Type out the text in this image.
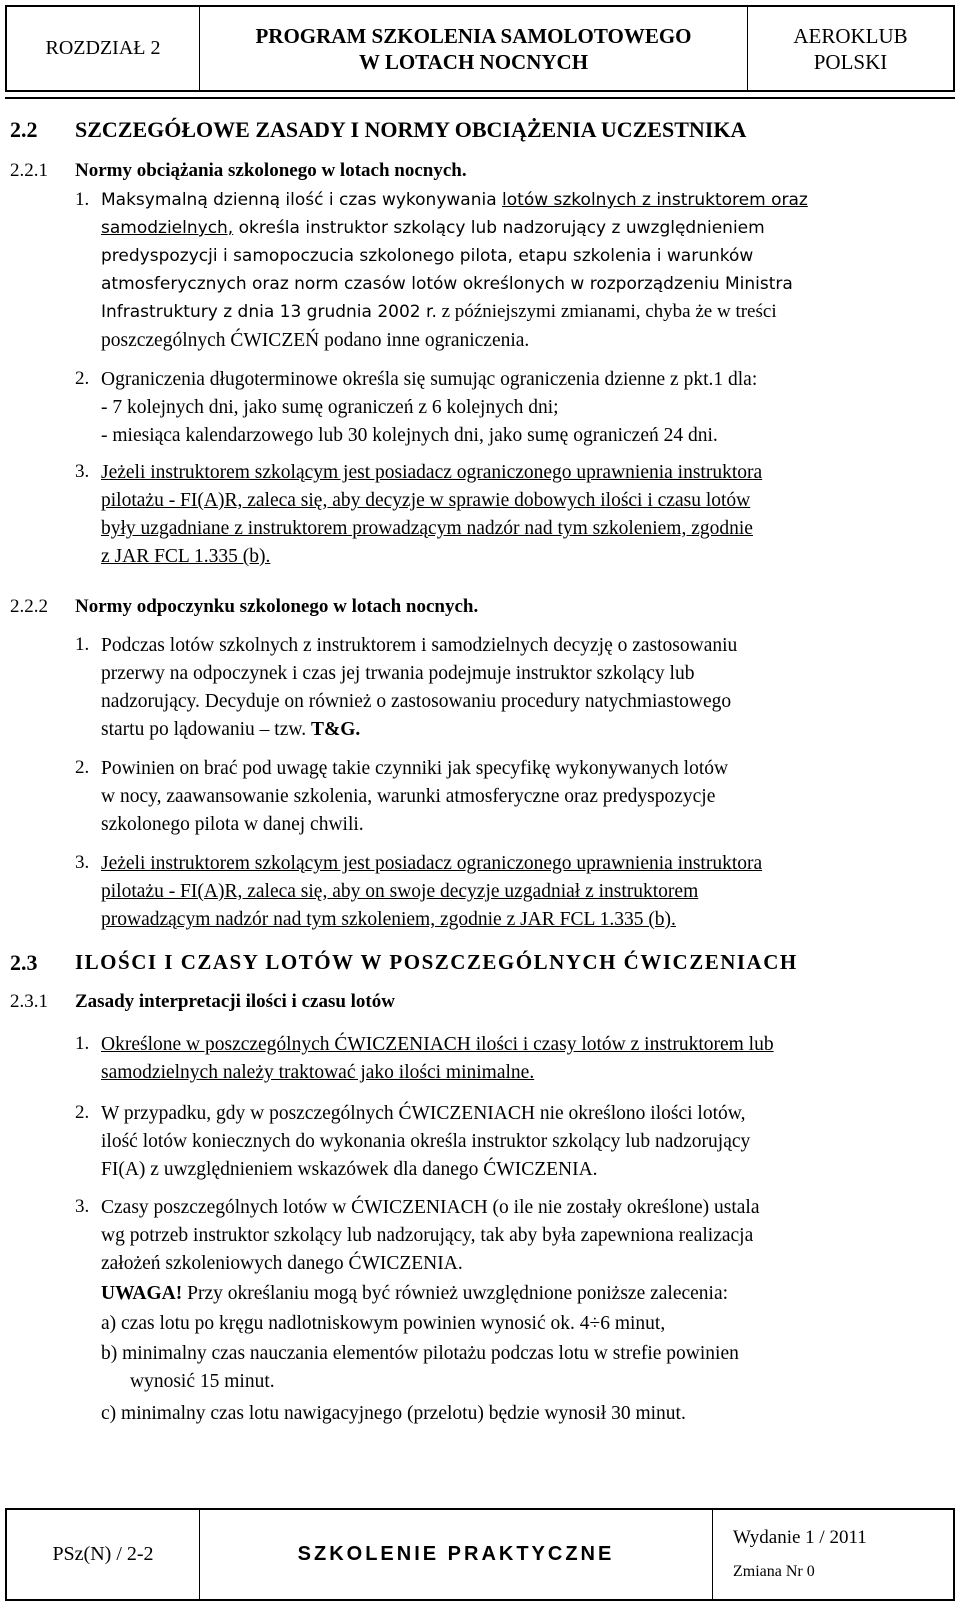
ROZDZIAŁ 2
PROGRAM SZKOLENIA SAMOLOTOWEGO
W LOTACH NOCNYCH
AEROKLUB
POLSKI
2.2 SZCZEGÓŁOWE ZASADY I NORMY OBCIĄŻENIA UCZESTNIKA
2.2.1 Normy obciążania szkolonego w lotach nocnych.
1. Maksymalną dzienną ilość i czas wykonywania lotów szkolnych z instruktorem oraz
samodzielnych, określa instruktor szkolący lub nadzorujący z uwzględnieniem
predyspozycji i samopoczucia szkolonego pilota, etapu szkolenia i warunków
atmosferycznych oraz norm czasów lotów określonych w rozporządzeniu Ministra
Infrastruktury z dnia 13 grudnia 2002 r. z późniejszymi zmianami, chyba że w treści
poszczególnych ĆWICZEŃ podano inne ograniczenia.
2. Ograniczenia długoterminowe określa się sumując ograniczenia dzienne z pkt.1 dla:
- 7 kolejnych dni, jako sumę ograniczeń z 6 kolejnych dni;
- miesiąca kalendarzowego lub 30 kolejnych dni, jako sumę ograniczeń 24 dni.
3. Jeżeli instruktorem szkolącym jest posiadacz ograniczonego uprawnienia instruktora
pilotażu - FI(A)R, zaleca się, aby decyzje w sprawie dobowych ilości i czasu lotów
były uzgadniane z instruktorem prowadzącym nadzór nad tym szkoleniem, zgodnie
z JAR FCL 1.335 (b).
2.2.2 Normy odpoczynku szkolonego w lotach nocnych.
1. Podczas lotów szkolnych z instruktorem i samodzielnych decyzję o zastosowaniu
przerwy na odpoczynek i czas jej trwania podejmuje instruktor szkolący lub
nadzorujący. Decyduje on również o zastosowaniu procedury natychmiastowego
startu po lądowaniu – tzw. T&G.
2. Powinien on brać pod uwagę takie czynniki jak specyfikę wykonywanych lotów
w nocy, zaawansowanie szkolenia, warunki atmosferyczne oraz predyspozycje
szkolonego pilota w danej chwili.
3. Jeżeli instruktorem szkolącym jest posiadacz ograniczonego uprawnienia instruktora
pilotażu - FI(A)R, zaleca się, aby on swoje decyzje uzgadniał z instruktorem
prowadzącym nadzór nad tym szkoleniem, zgodnie z JAR FCL 1.335 (b).
2.3 ILOŚCI I CZASY LOTÓW W POSZCZEGÓLNYCH ĆWICZENIACH
2.3.1 Zasady interpretacji ilości i czasu lotów
1. Określone w poszczególnych ĆWICZENIACH ilości i czasy lotów z instruktorem lub
samodzielnych należy traktować jako ilości minimalne.
2. W przypadku, gdy w poszczególnych ĆWICZENIACH nie określono ilości lotów,
ilość lotów koniecznych do wykonania określa instruktor szkolący lub nadzorujący
FI(A) z uwzględnieniem wskazówek dla danego ĆWICZENIA.
3. Czasy poszczególnych lotów w ĆWICZENIACH (o ile nie zostały określone) ustala
wg potrzeb instruktor szkolący lub nadzorujący, tak aby była zapewniona realizacja
założeń szkoleniowych danego ĆWICZENIA.
UWAGA! Przy określaniu mogą być również uwzględnione poniższe zalecenia:
a) czas lotu po kręgu nadlotniskowym powinien wynosić ok. 4÷6 minut,
b) minimalny czas nauczania elementów pilotażu podczas lotu w strefie powinien
wynosić 15 minut.
c) minimalny czas lotu nawigacyjnego (przelotu) będzie wynosił 30 minut.
PSz(N) / 2-2	SZKOLENIE PRAKTYCZNE
Wydanie 1 / 2011
Zmiana Nr 0
